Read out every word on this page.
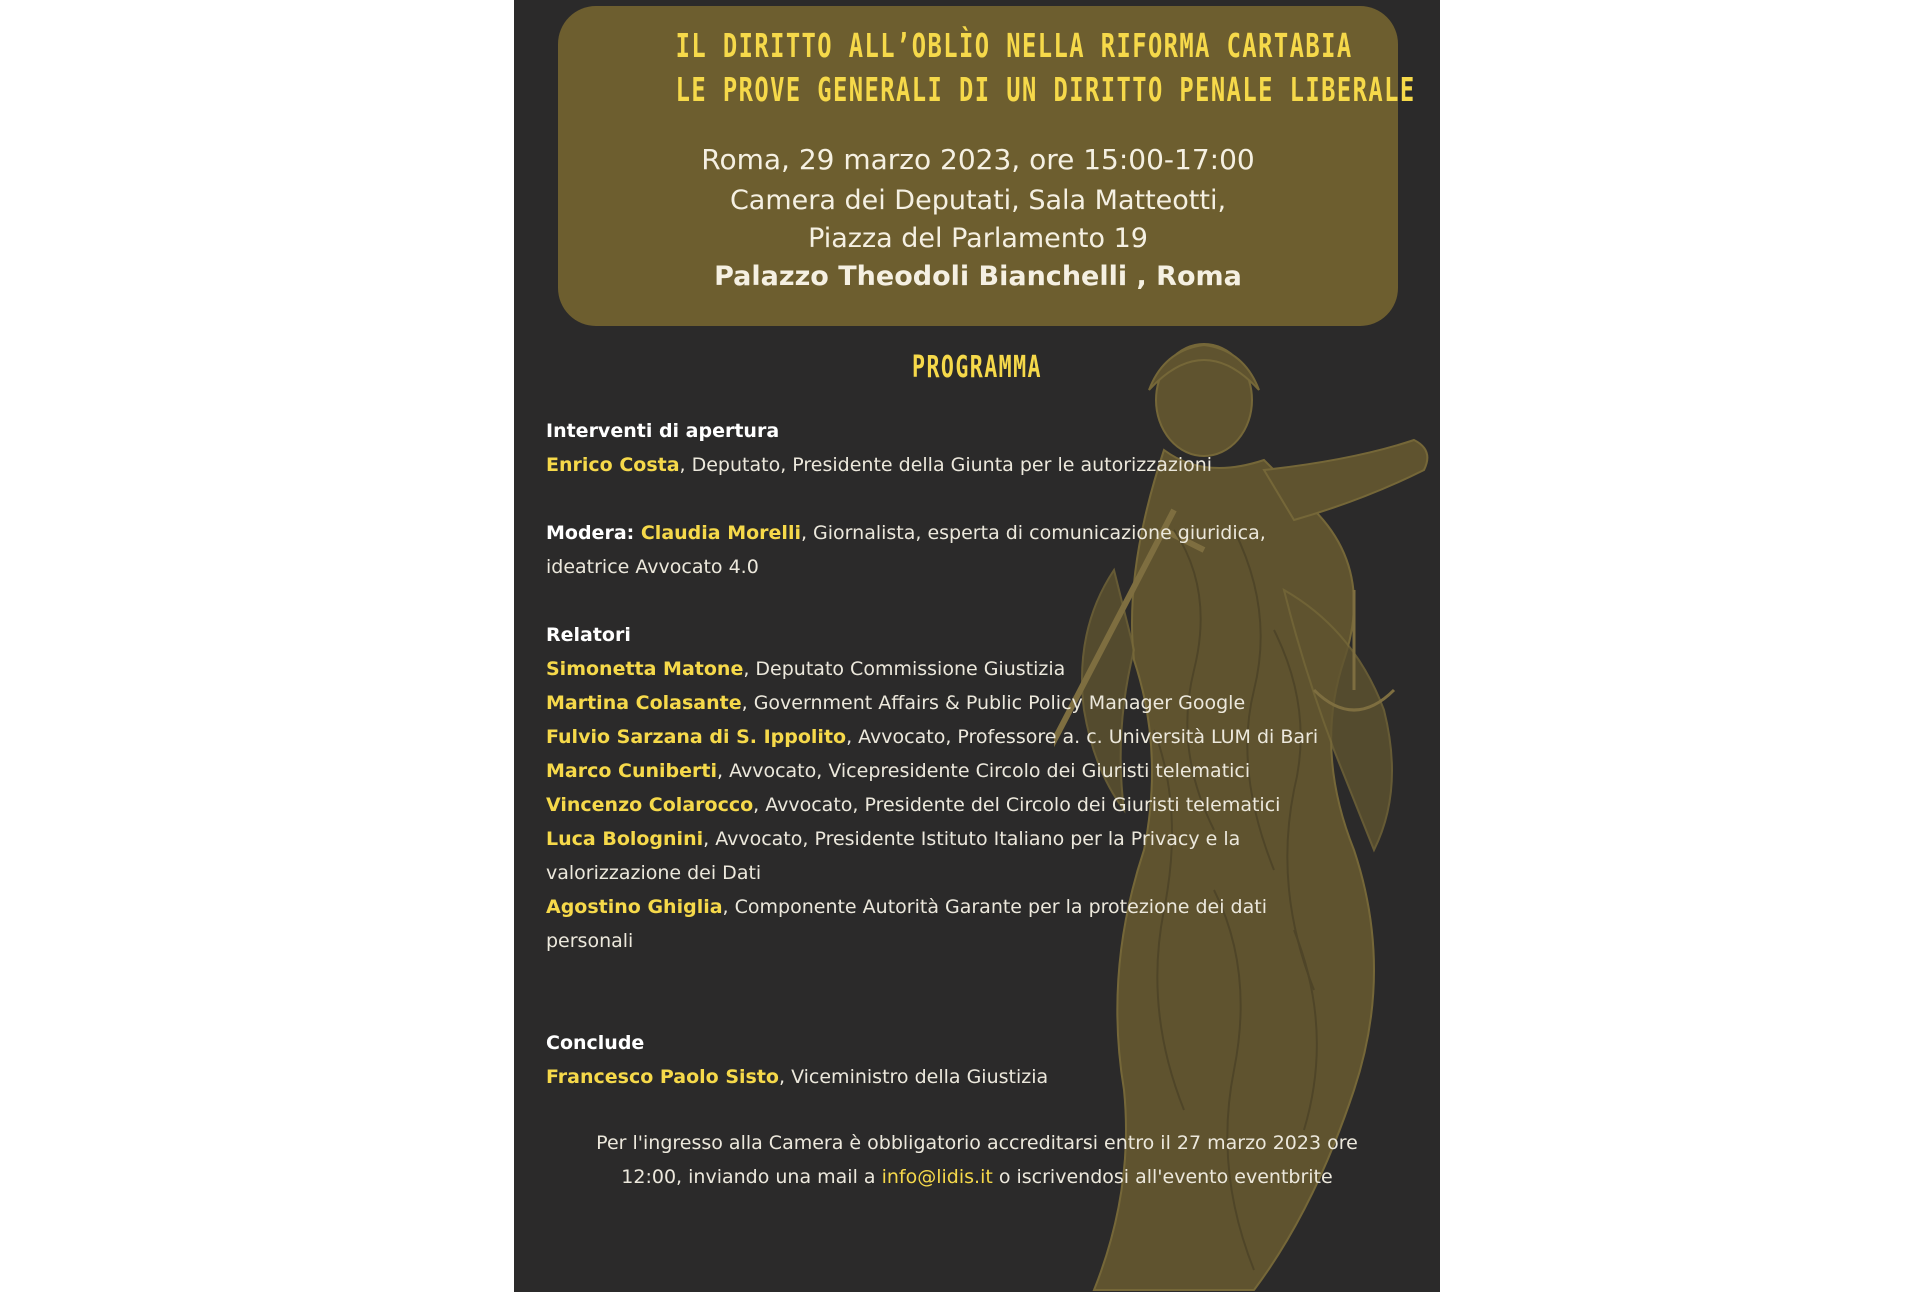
IL DIRITTO ALL’OBLÌO NELLA RIFORMA CARTABIA
LE PROVE GENERALI DI UN DIRITTO PENALE LIBERALE
Roma, 29 marzo 2023, ore 15:00-17:00
Camera dei Deputati, Sala Matteotti,
Piazza del Parlamento 19
Palazzo Theodoli Bianchelli , Roma
PROGRAMMA
Interventi di apertura
Enrico Costa, Deputato, Presidente della Giunta per le autorizzazioni
Modera: Claudia Morelli, Giornalista, esperta di comunicazione giuridica,
ideatrice Avvocato 4.0
Relatori
Simonetta Matone, Deputato Commissione Giustizia
Martina Colasante, Government Affairs & Public Policy Manager Google
Fulvio Sarzana di S. Ippolito, Avvocato, Professore a. c. Università LUM di Bari
Marco Cuniberti, Avvocato, Vicepresidente Circolo dei Giuristi telematici
Vincenzo Colarocco, Avvocato, Presidente del Circolo dei Giuristi telematici
Luca Bolognini, Avvocato, Presidente Istituto Italiano per la Privacy e la
valorizzazione dei Dati
Agostino Ghiglia, Componente Autorità Garante per la protezione dei dati
personali
Conclude
Francesco Paolo Sisto, Viceministro della Giustizia
Per l'ingresso alla Camera è obbligatorio accreditarsi entro il 27 marzo 2023 ore
12:00, inviando una mail a info@lidis.it o iscrivendosi all'evento eventbrite
